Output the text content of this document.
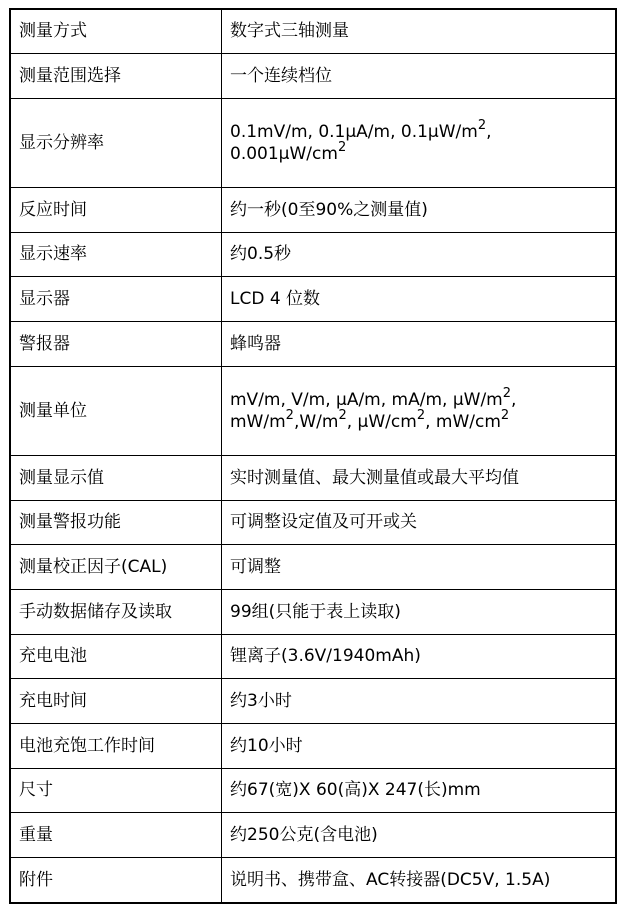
测量方式	数字式三轴测量
测量范围选择	一个连续档位
显示分辨率	0.1mV/m, 0.1µA/m, $0.1\mu W/m^2$,
$0.001\mu W/cm^2$
反应时间	约一秒(0至90%之测量值)
显示速率	约0.5秒
显示器	LCD 4 位数
警报器	蜂鸣器
测量单位	mV/m, V/m, µA/m, mA/m, $\mu W/m^2$,
$mW/m^2,W/m^2$, $\mu W/cm^2$, $mW/cm^2$
测量显示值	实时测量值、最大测量值或最大平均值
测量警报功能	可调整设定值及可开或关
测量校正因子(CAL)	可调整
手动数据储存及读取	99组(只能于表上读取)
充电电池	锂离子(3.6V/1940mAh)
充电时间	约3小时
电池充饱工作时间	约10小时
尺寸	约67(宽)X 60(高)X 247(长)mm
重量	约250公克(含电池)
附件	说明书、携带盒、AC转接器(DC5V, 1.5A)
